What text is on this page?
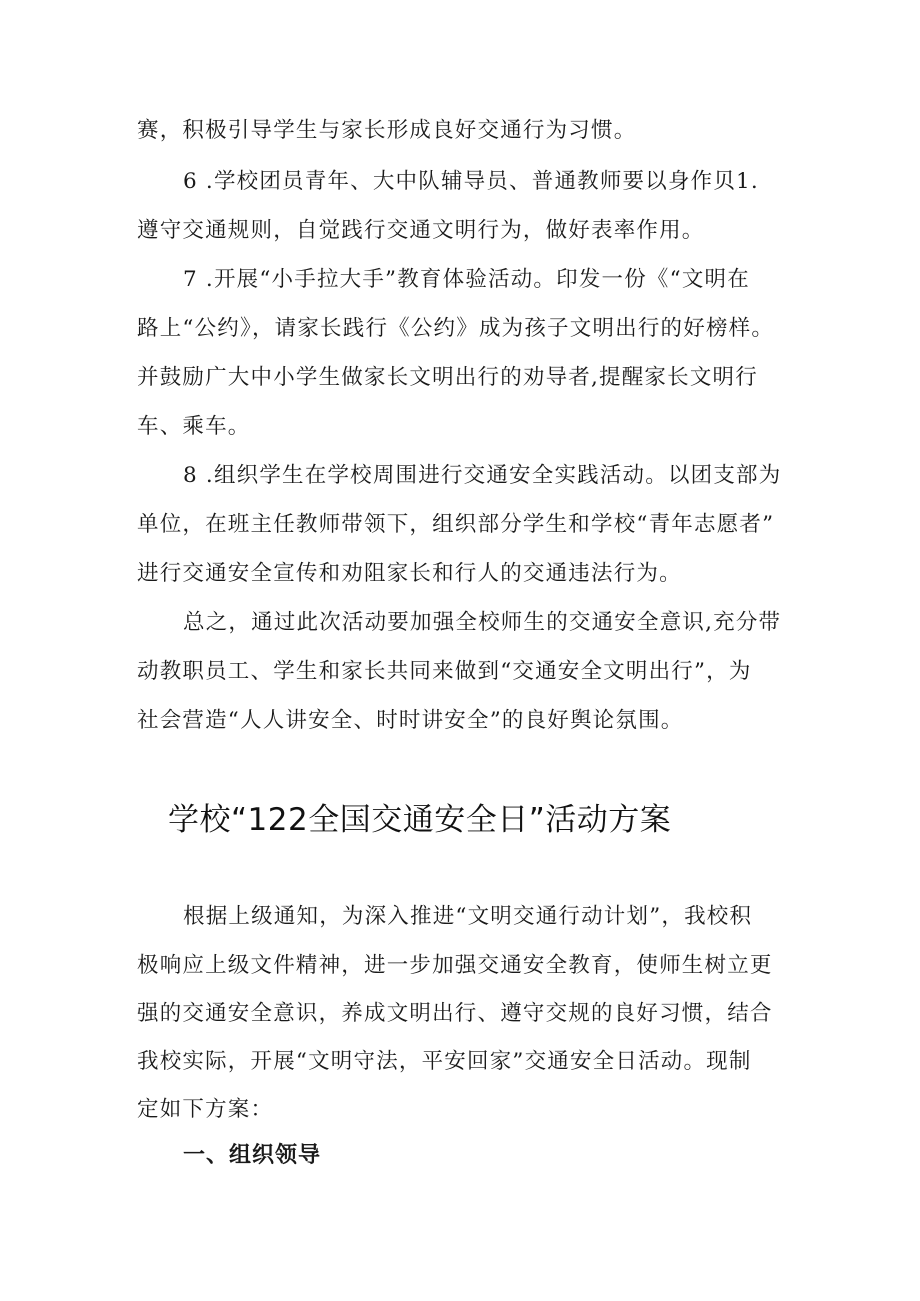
赛，积极引导学生与家长形成良好交通行为习惯。
6 .学校团员青年、大中队辅导员、普通教师要以身作贝1.
遵守交通规则，自觉践行交通文明行为，做好表率作用。
7 .开展“小手拉大手”教育体验活动。印发一份《“文明在
路上“公约》，请家长践行《公约》成为孩子文明出行的好榜样。
并鼓励广大中小学生做家长文明出行的劝导者,提醒家长文明行
车、乘车。
8 .组织学生在学校周围进行交通安全实践活动。以团支部为
单位，在班主任教师带领下，组织部分学生和学校“青年志愿者”
进行交通安全宣传和劝阻家长和行人的交通违法行为。
总之，通过此次活动要加强全校师生的交通安全意识,充分带
动教职员工、学生和家长共同来做到“交通安全文明出行”，为
社会营造“人人讲安全、时时讲安全”的良好舆论氛围。
学校“122全国交通安全日”活动方案
根据上级通知，为深入推进“文明交通行动计划”，我校积
极响应上级文件精神，进一步加强交通安全教育，使师生树立更
强的交通安全意识，养成文明出行、遵守交规的良好习惯，结合
我校实际，开展“文明守法，平安回家”交通安全日活动。现制
定如下方案：
一、组织领导
